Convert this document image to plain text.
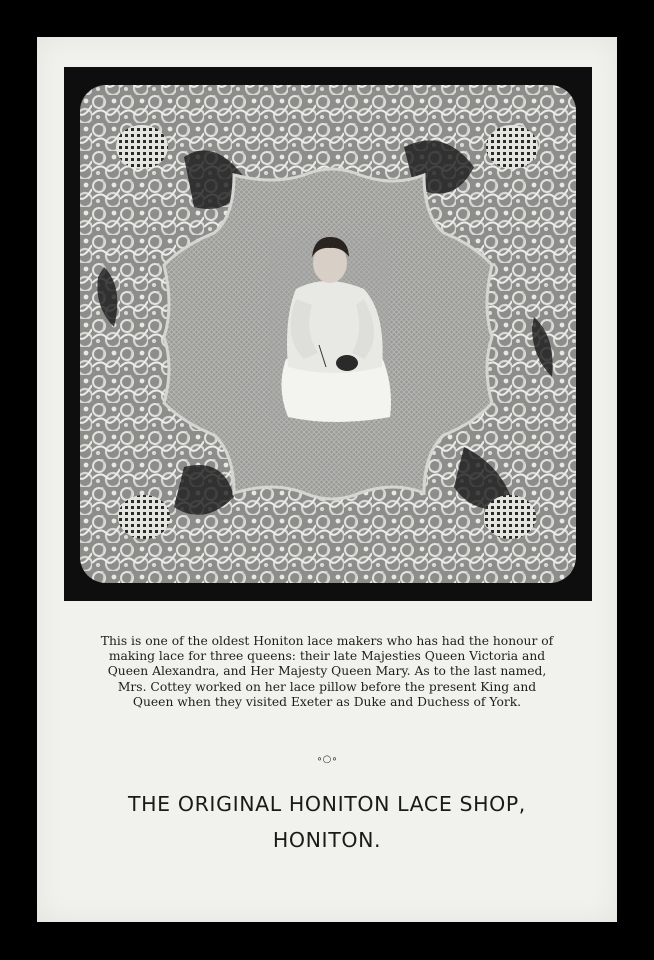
This is one of the oldest Honiton lace makers who has had the honour of making lace for three queens: their late Majesties Queen Victoria and Queen Alexandra, and Her Majesty Queen Mary. As to the last named, Mrs. Cottey worked on her lace pillow before the present King and Queen when they visited Exeter as Duke and Duchess of York.

∘○∘
THE ORIGINAL HONITON LACE SHOP,
HONITON.
